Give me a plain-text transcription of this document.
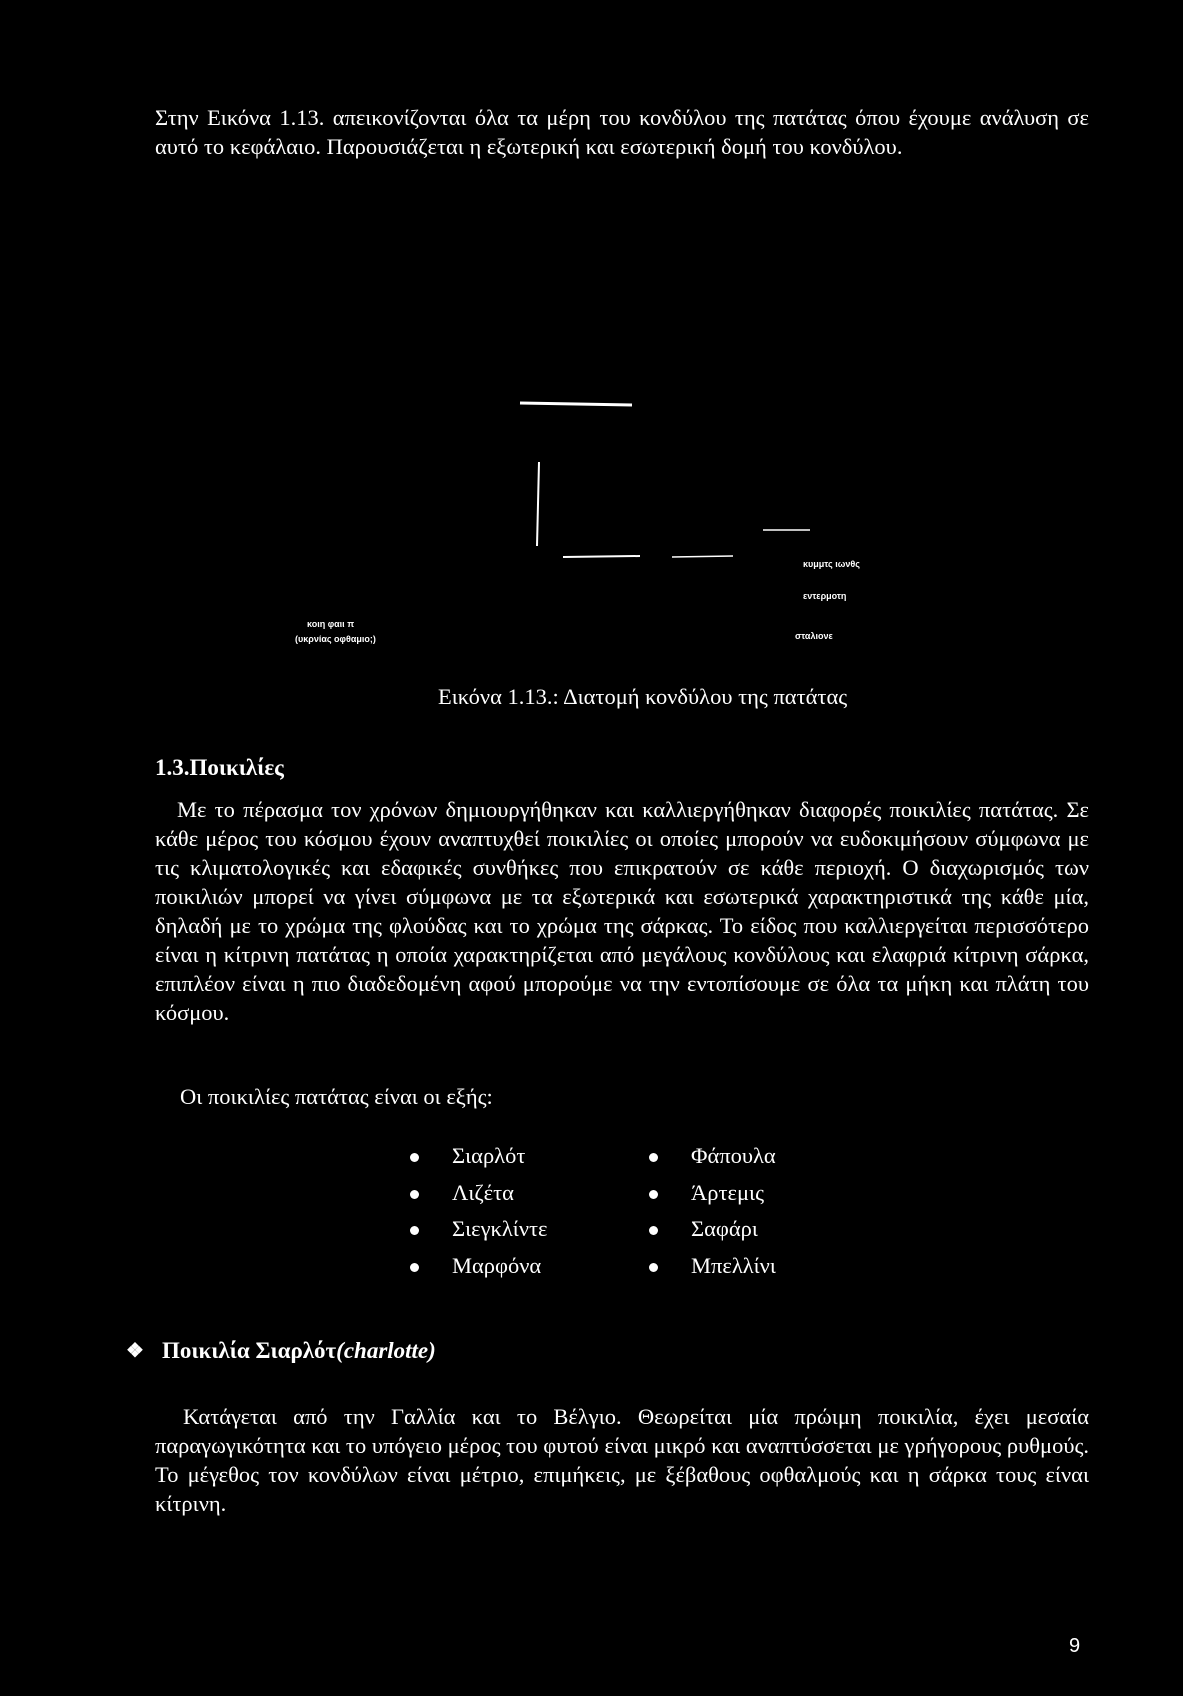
Στην Εικόνα 1.13. απεικονίζονται όλα τα μέρη του κονδύλου της πατάτας όπου έχουμε ανάλυση σε αυτό το κεφάλαιο. Παρουσιάζεται η εξωτερική και εσωτερική δομή του κονδύλου.

κυμμτς ιωνθς
εντερμοτη
σταλιονε
κοιη φαιι π
(υκρνίας οφθαμιο;)
Εικόνα 1.13.: Διατομή κονδύλου της πατάτας
1.3.Ποικιλίες

Με το πέρασμα τον χρόνων δημιουργήθηκαν και καλλιεργήθηκαν διαφορές ποικιλίες πατάτας. Σε κάθε μέρος του κόσμου έχουν αναπτυχθεί ποικιλίες οι οποίες μπορούν να ευδοκιμήσουν σύμφωνα με τις κλιματολογικές και εδαφικές συνθήκες που επικρατούν σε κάθε περιοχή. Ο διαχωρισμός των ποικιλιών μπορεί να γίνει σύμφωνα με τα εξωτερικά και εσωτερικά χαρακτηριστικά της κάθε μία, δηλαδή με το χρώμα της φλούδας και το χρώμα της σάρκας. Το είδος που καλλιεργείται περισσότερο είναι η κίτρινη πατάτας η οποία χαρακτηρίζεται από μεγάλους κονδύλους και ελαφριά κίτρινη σάρκα, επιπλέον είναι η πιο διαδεδομένη αφού μπορούμε να την εντοπίσουμε σε όλα τα μήκη και πλάτη του κόσμου.

Οι ποικιλίες πατάτας είναι οι εξής:
Σιαρλότ
Λιζέτα
Σιεγκλίντε
Μαρφόνα
Φάπουλα
Άρτεμις
Σαφάρι
Μπελλίνι
❖ Ποικιλία Σιαρλότ(charlotte)

Κατάγεται από την Γαλλία και το Βέλγιο. Θεωρείται μία πρώιμη ποικιλία, έχει μεσαία παραγωγικότητα και το υπόγειο μέρος του φυτού είναι μικρό και αναπτύσσεται με γρήγορους ρυθμούς. Το μέγεθος τον κονδύλων είναι μέτριο, επιμήκεις, με ξέβαθους οφθαλμούς και η σάρκα τους είναι κίτρινη.

9
